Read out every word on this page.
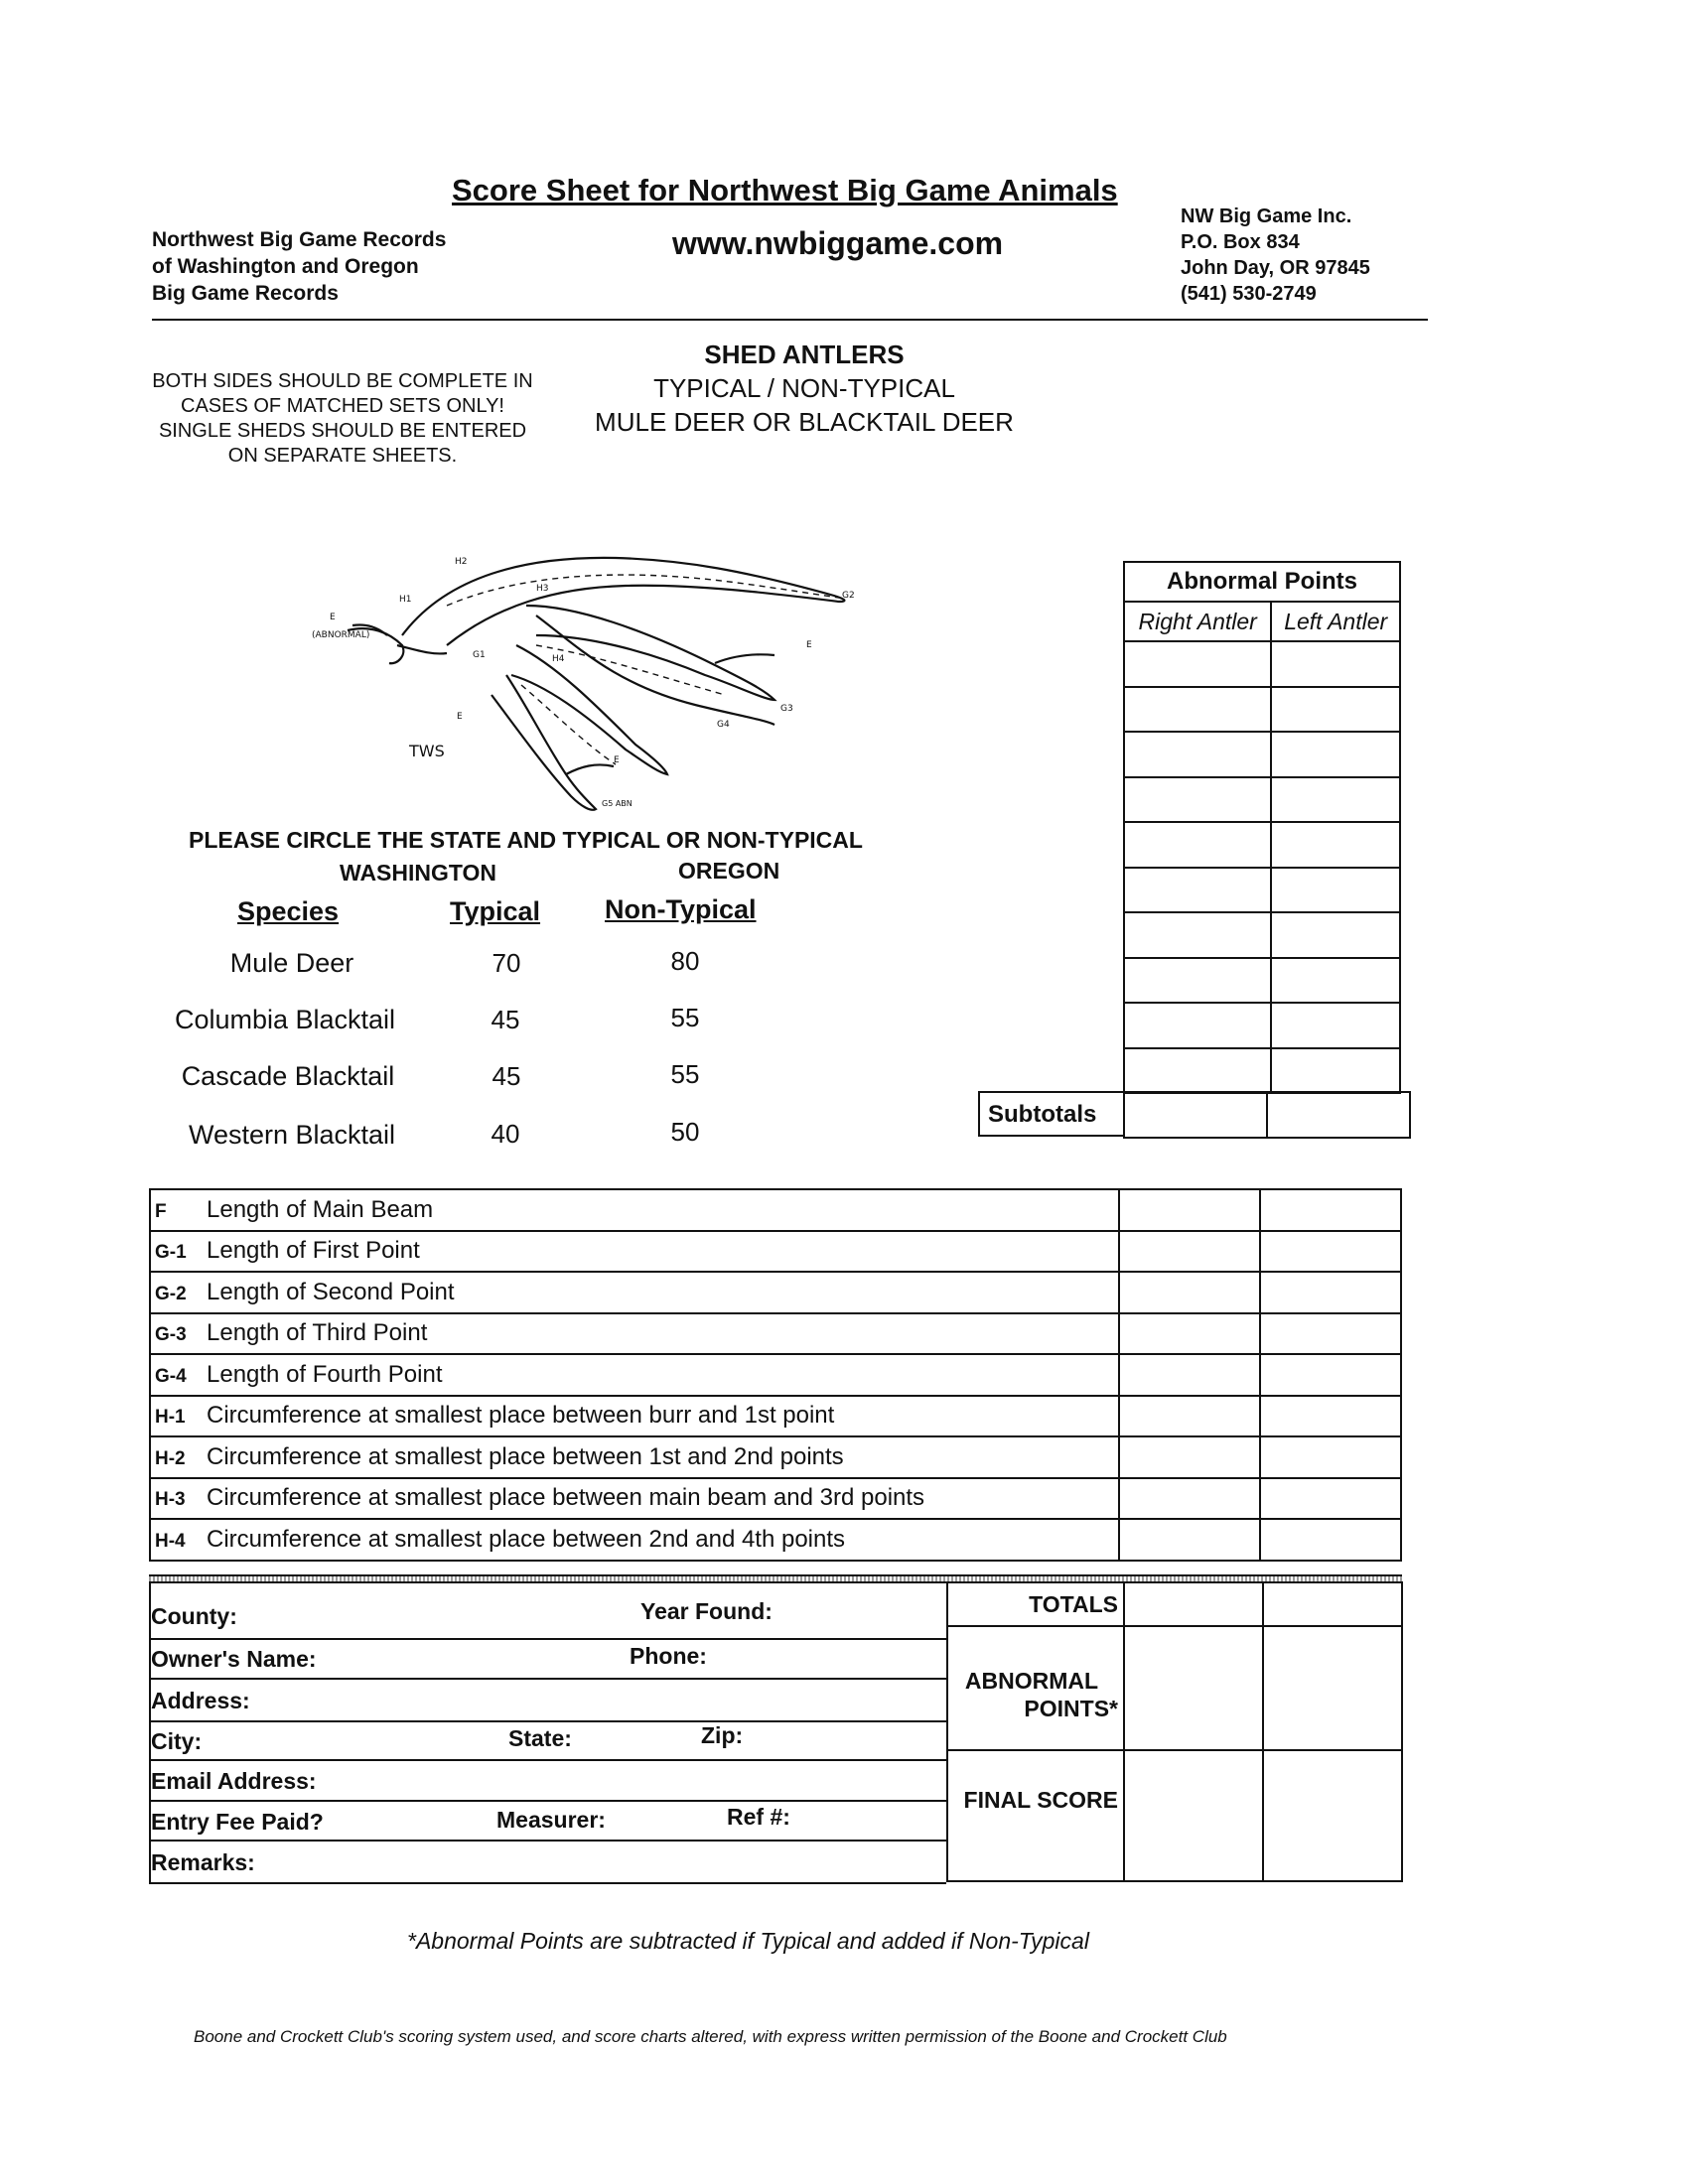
Score Sheet for Northwest Big Game Animals
www.nwbiggame.com
Northwest Big Game Records
of Washington and Oregon
Big Game Records
NW Big Game Inc.
P.O. Box 834
John Day, OR 97845
(541) 530-2749
SHED ANTLERS
TYPICAL / NON-TYPICAL
MULE DEER OR BLACKTAIL DEER
BOTH SIDES SHOULD BE COMPLETE IN CASES OF MATCHED SETS ONLY! SINGLE SHEDS SHOULD BE ENTERED ON SEPARATE SHEETS.
H2
H1
H3
G2
E
(ABNORMAL)
G1	H4
E
G4
G3
E
TWS	E
G5 ABN
PLEASE CIRCLE THE STATE AND TYPICAL OR NON-TYPICAL
WASHINGTON	OREGON
Species	Typical Non-Typical
Mule Deer	70	80
Columbia Blacktail	45	55
Cascade Blacktail	45	55
Western Blacktail	40	50
Abnormal Points	
Right Antler	Left Antler

Subtotals

F Length of Main Beam		
G-1 Length of First Point		
G-2 Length of Second Point		
G-3 Length of Third Point		
G-4 Length of Fourth Point		
H-1 Circumference at smallest place between burr and 1st point		
H-2 Circumference at smallest place between 1st and 2nd points		
H-3 Circumference at smallest place between main beam and 3rd points		
H-4 Circumference at smallest place between 2nd and 4th points		
County:	Year Found:
Owner's Name:	Phone:
Address:
City:	State:	Zip:
Email Address:
Entry Fee Paid?	Measurer:	Ref #:
Remarks:
TOTALS
ABNORMAL
POINTS*
FINAL SCORE
*Abnormal Points are subtracted if Typical and added if Non-Typical
Boone and Crockett Club's scoring system used, and score charts altered, with express written permission of the Boone and Crockett Club
